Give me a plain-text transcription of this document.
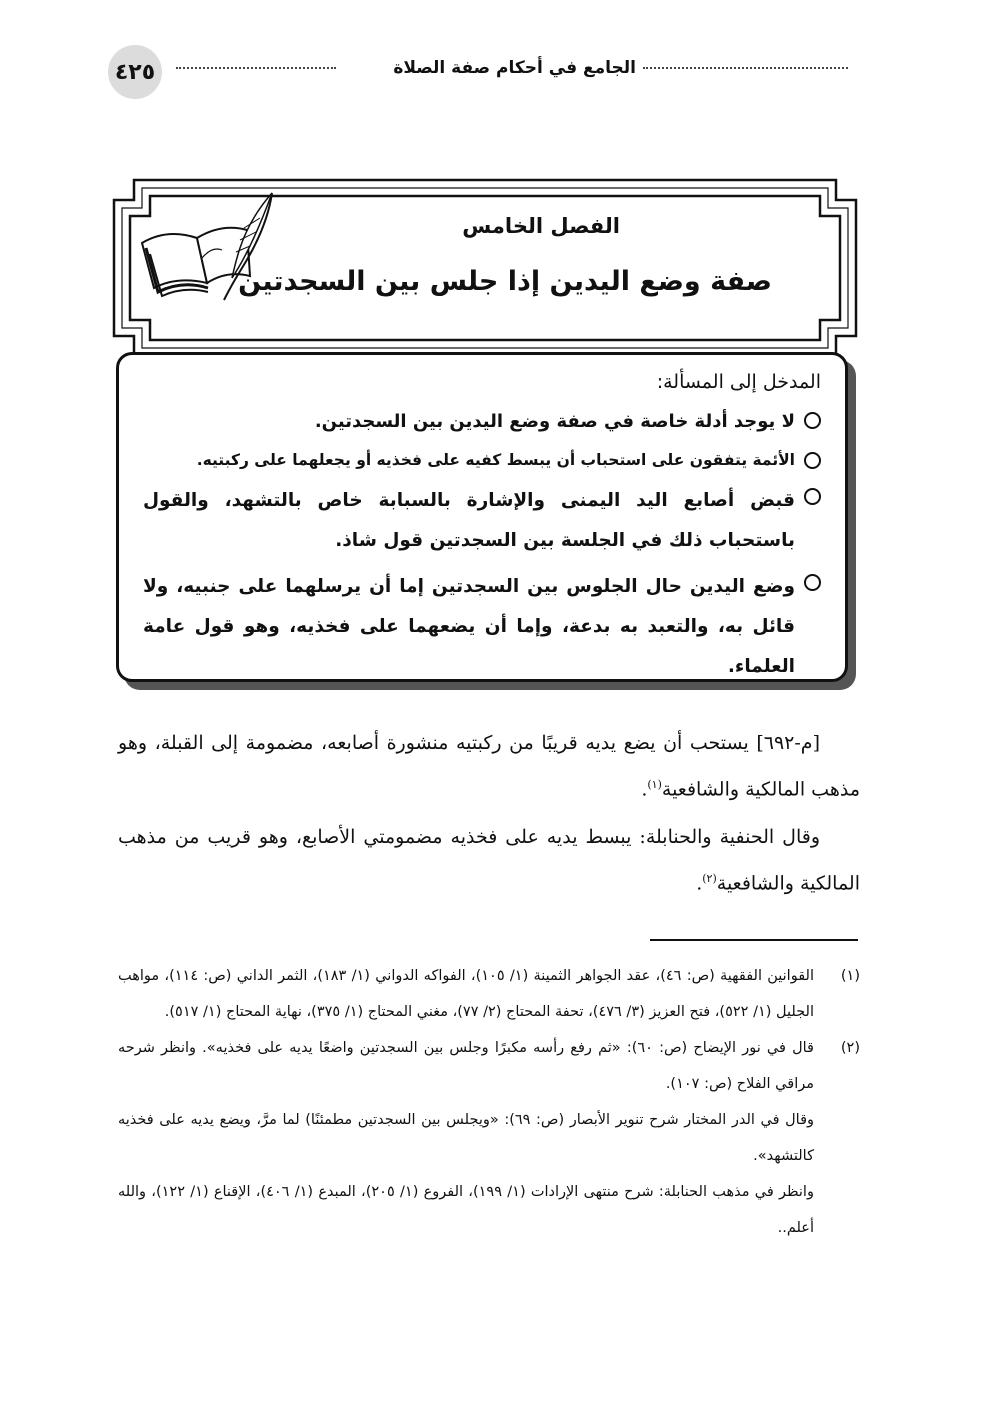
٤٢٥	الجامع في أحكام صفة الصلاة
الفصل الخامس
صفة وضع اليدين إذا جلس بين السجدتين
المدخل إلى المسألة:
لا يوجد أدلة خاصة في صفة وضع اليدين بين السجدتين.
الأئمة يتفقون على استحباب أن يبسط كفيه على فخذيه أو يجعلهما على ركبتيه.
قبض أصابع اليد اليمنى والإشارة بالسبابة خاص بالتشهد، والقول باستحباب ذلك في الجلسة بين السجدتين قول شاذ.
وضع اليدين حال الجلوس بين السجدتين إما أن يرسلهما على جنبيه، ولا قائل به، والتعبد به بدعة، وإما أن يضعهما على فخذيه، وهو قول عامة العلماء.

[م-٦٩٢] يستحب أن يضع يديه قريبًا من ركبتيه منشورة أصابعه، مضمومة إلى القبلة، وهو مذهب المالكية والشافعية$^{(١)}$.

وقال الحنفية والحنابلة: يبسط يديه على فخذيه مضمومتي الأصابع، وهو قريب من مذهب المالكية والشافعية$^{(٢)}$.

(١)

القوانين الفقهية (ص: ٤٦)، عقد الجواهر الثمينة (١/ ١٠٥)، الفواكه الدواني (١/ ١٨٣)، الثمر الداني (ص: ١١٤)، مواهب الجليل (١/ ٥٢٢)، فتح العزيز (٣/ ٤٧٦)، تحفة المحتاج (٢/ ٧٧)، مغني المحتاج (١/ ٣٧٥)، نهاية المحتاج (١/ ٥١٧).

(٢)

قال في نور الإيضاح (ص: ٦٠): «ثم رفع رأسه مكبرًا وجلس بين السجدتين واضعًا يديه على فخذيه». وانظر شرحه مراقي الفلاح (ص: ١٠٧).

وقال في الدر المختار شرح تنوير الأبصار (ص: ٦٩): «ويجلس بين السجدتين مطمئنًا) لما مرَّ، ويضع يديه على فخذيه كالتشهد».

وانظر في مذهب الحنابلة: شرح منتهى الإرادات (١/ ١٩٩)، الفروع (١/ ٢٠٥)، المبدع (١/ ٤٠٦)، الإقناع (١/ ١٢٢)، والله أعلم..
